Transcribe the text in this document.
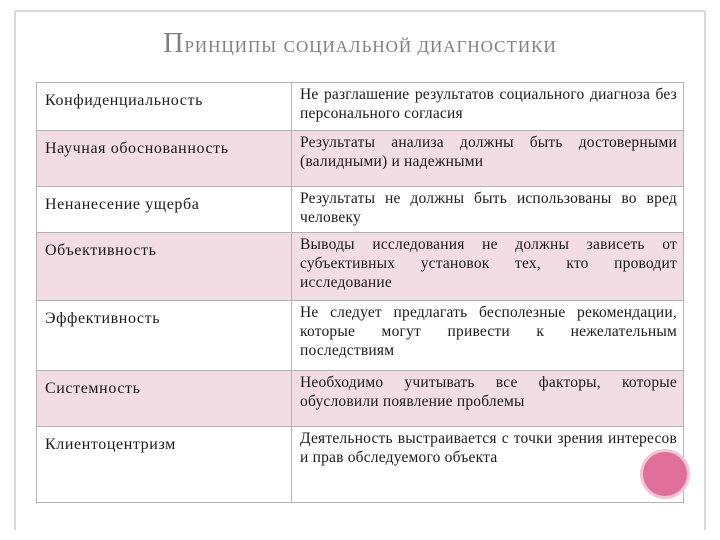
ПРИНЦИПЫ СОЦИАЛЬНОЙ ДИАГНОСТИКИ
Конфиденциальность	Не разглашение результатов социального диагноза без персонального согласия
Научная обоснованность	Результаты анализа должны быть достоверными (валидными) и надежными
Ненанесение ущерба	Результаты не должны быть использованы во вред человеку
Объективность	Выводы исследования не должны зависеть от субъективных установок тех, кто проводит исследование
Эффективность	Не следует предлагать бесполезные рекомендации, которые могут привести к нежелательным последствиям
Системность	Необходимо учитывать все факторы, которые обусловили появление проблемы
Клиентоцентризм	Деятельность выстраивается с точки зрения интересов и прав обследуемого объекта
